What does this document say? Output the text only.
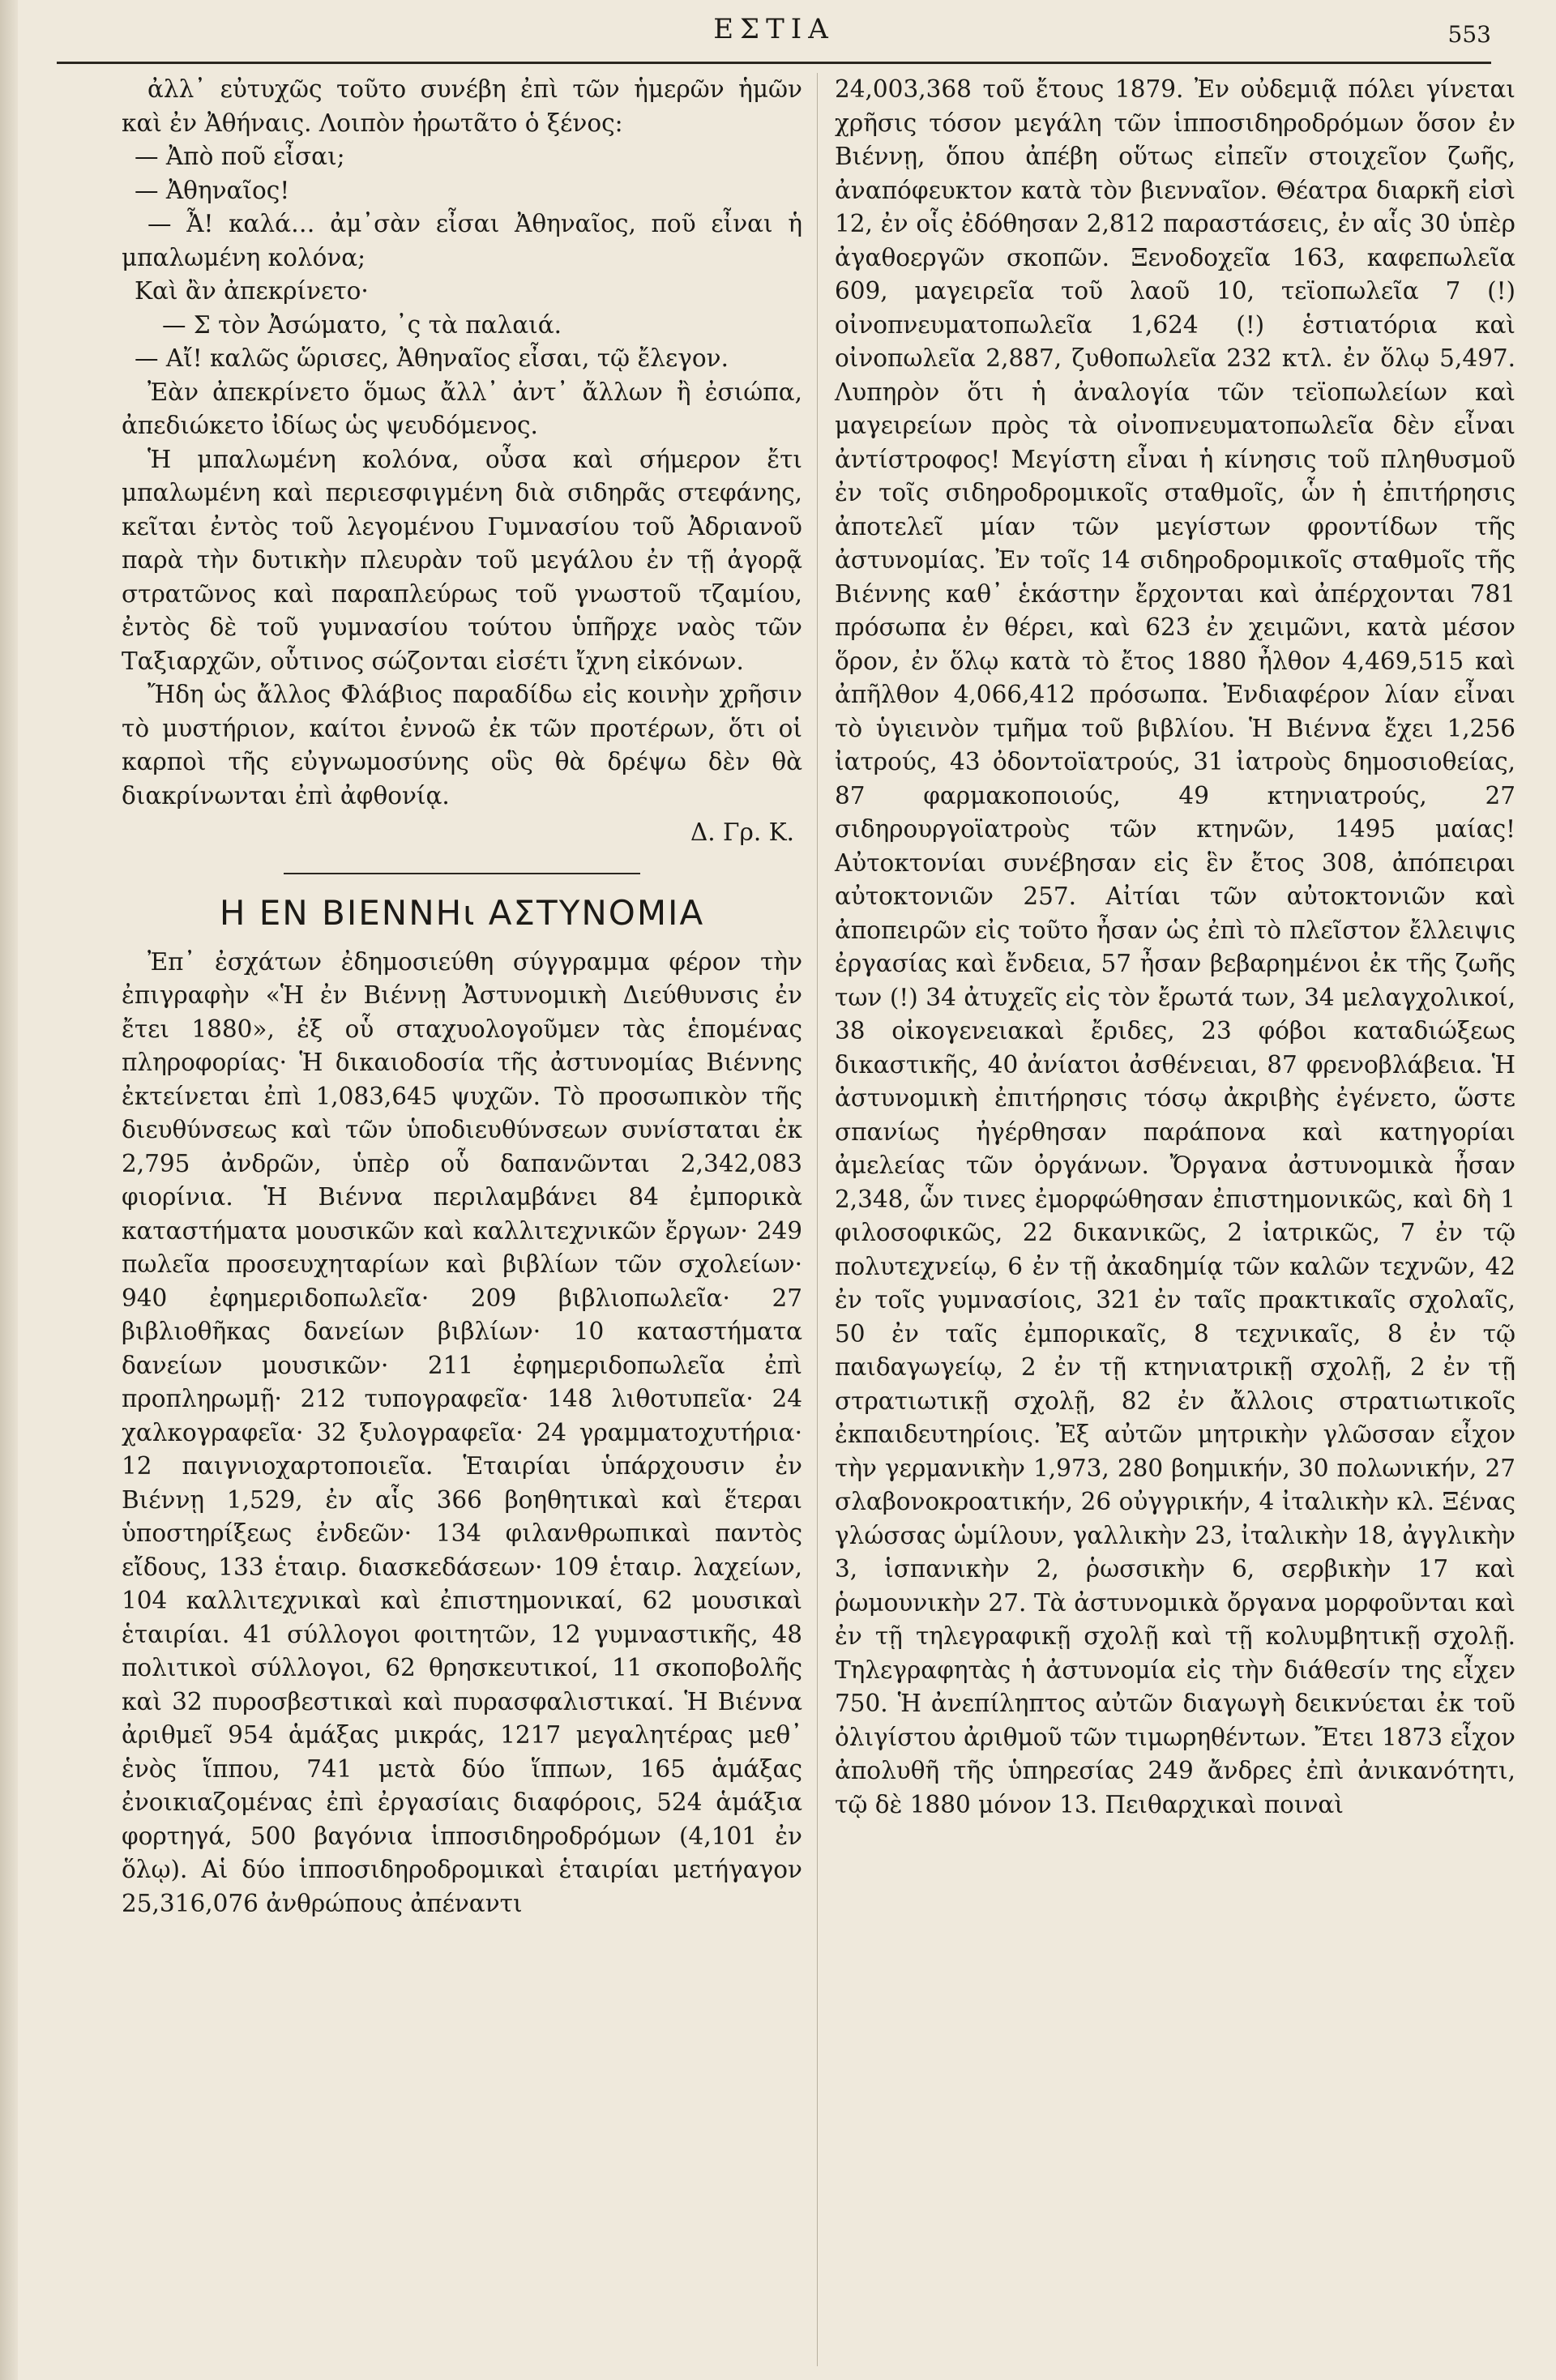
ΕΣΤΙΑ	553

ἀλλ᾽ εὐτυχῶς τοῦτο συνέβη ἐπὶ τῶν ἡμερῶν ἡμῶν καὶ ἐν Ἀθήναις. Λοιπὸν ἠρωτᾶτο ὁ ξένος:

— Ἀπὸ ποῦ εἶσαι;

— Ἀθηναῖος!

— Ἆ! καλά… ἀμ᾽σὰν εἶσαι Ἀθηναῖος, ποῦ εἶναι ἡ μπαλωμένη κολόνα;

Καὶ ἂν ἀπεκρίνετο·

— Σ τὸν Ἀσώματο, ᾽ς τὰ παλαιά.

— Αἴ! καλῶς ὥρισες, Ἀθηναῖος εἶσαι, τῷ ἔλεγον.

Ἐὰν ἀπεκρίνετο ὅμως ἄλλ᾽ ἀντ᾽ ἄλλων ἢ ἐσιώπα, ἀπεδιώκετο ἰδίως ὡς ψευδόμενος.

Ἡ μπαλωμένη κολόνα, οὖσα καὶ σήμερον ἔτι μπαλωμένη καὶ περιεσφιγμένη διὰ σιδηρᾶς στεφάνης, κεῖται ἐντὸς τοῦ λεγομένου Γυμνασίου τοῦ Ἀδριανοῦ παρὰ τὴν δυτικὴν πλευρὰν τοῦ μεγάλου ἐν τῇ ἀγορᾷ στρατῶνος καὶ παραπλεύρως τοῦ γνωστοῦ τζαμίου, ἐντὸς δὲ τοῦ γυμνασίου τούτου ὑπῆρχε ναὸς τῶν Ταξιαρχῶν, οὗτινος σώζονται εἰσέτι ἴχνη εἰκόνων.

Ἤδη ὡς ἄλλος Φλάβιος παραδίδω εἰς κοινὴν χρῆσιν τὸ μυστήριον, καίτοι ἐννοῶ ἐκ τῶν προτέρων, ὅτι οἱ καρποὶ τῆς εὐγνωμοσύνης οὓς θὰ δρέψω δὲν θὰ διακρίνωνται ἐπὶ ἀφθονίᾳ.

Δ. Γρ. Κ.

Η ΕΝ ΒΙΕΝΝΗι ΑΣΤΥΝΟΜΙΑ

Ἐπ᾽ ἐσχάτων ἐδημοσιεύθη σύγγραμμα φέρον τὴν ἐπιγραφὴν «Ἡ ἐν Βιέννῃ Ἀστυνομικὴ Διεύθυνσις ἐν ἔτει 1880», ἐξ οὗ σταχυολογοῦμεν τὰς ἑπομένας πληροφορίας· Ἡ δικαιοδοσία τῆς ἀστυνομίας Βιέννης ἐκτείνεται ἐπὶ 1,083,645 ψυχῶν. Τὸ προσωπικὸν τῆς διευθύνσεως καὶ τῶν ὑποδιευθύνσεων συνίσταται ἐκ 2,795 ἀνδρῶν, ὑπὲρ οὗ δαπανῶνται 2,342,083 φιορίνια. Ἡ Βιέννα περιλαμβάνει 84 ἐμπορικὰ καταστήματα μουσικῶν καὶ καλλιτεχνικῶν ἔργων· 249 πωλεῖα προσευχηταρίων καὶ βιβλίων τῶν σχολείων· 940 ἐφημεριδοπωλεῖα· 209 βιβλιοπωλεῖα· 27 βιβλιοθῆκας δανείων βιβλίων· 10 καταστήματα δανείων μουσικῶν· 211 ἐφημεριδοπωλεῖα ἐπὶ προπληρωμῇ· 212 τυπογραφεῖα· 148 λιθοτυπεῖα· 24 χαλκογραφεῖα· 32 ξυλογραφεῖα· 24 γραμματοχυτήρια· 12 παιγνιοχαρτοποιεῖα. Ἑταιρίαι ὑπάρχουσιν ἐν Βιέννῃ 1,529, ἐν αἷς 366 βοηθητικαὶ καὶ ἕτεραι ὑποστηρίξεως ἐνδεῶν· 134 φιλανθρωπικαὶ παντὸς εἴδους, 133 ἑταιρ. διασκεδάσεων· 109 ἑταιρ. λαχείων, 104 καλλιτεχνικαὶ καὶ ἐπιστημονικαί, 62 μουσικαὶ ἑταιρίαι. 41 σύλλογοι φοιτητῶν, 12 γυμναστικῆς, 48 πολιτικοὶ σύλλογοι, 62 θρησκευτικοί, 11 σκοποβολῆς καὶ 32 πυροσβεστικαὶ καὶ πυρασφαλιστικαί. Ἡ Βιέννα ἀριθμεῖ 954 ἁμάξας μικράς, 1217 μεγαλητέρας μεθ᾽ ἑνὸς ἵππου, 741 μετὰ δύο ἵππων, 165 ἁμάξας ἐνοικιαζομένας ἐπὶ ἐργασίαις διαφόροις, 524 ἁμάξια φορτηγά, 500 βαγόνια ἱπποσιδηροδρόμων (4,101 ἐν ὅλῳ). Αἱ δύο ἱπποσιδηροδρομικαὶ ἑταιρίαι μετήγαγον 25,316,076 ἀνθρώπους ἀπέναντι

24,003,368 τοῦ ἔτους 1879. Ἐν οὐδεμιᾷ πόλει γίνεται χρῆσις τόσον μεγάλη τῶν ἱπποσιδηροδρόμων ὅσον ἐν Βιέννῃ, ὅπου ἀπέβη οὕτως εἰπεῖν στοιχεῖον ζωῆς, ἀναπόφευκτον κατὰ τὸν βιενναῖον. Θέατρα διαρκῆ εἰσὶ 12, ἐν οἷς ἐδόθησαν 2,812 παραστάσεις, ἐν αἷς 30 ὑπὲρ ἀγαθοεργῶν σκοπῶν. Ξενοδοχεῖα 163, καφεπωλεῖα 609, μαγειρεῖα τοῦ λαοῦ 10, τεϊοπωλεῖα 7 (!) οἰνοπνευματοπωλεῖα 1,624 (!) ἑστιατόρια καὶ οἰνοπωλεῖα 2,887, ζυθοπωλεῖα 232 κτλ. ἐν ὅλῳ 5,497. Λυπηρὸν ὅτι ἡ ἀναλογία τῶν τεϊοπωλείων καὶ μαγειρείων πρὸς τὰ οἰνοπνευματοπωλεῖα δὲν εἶναι ἀντίστροφος! Μεγίστη εἶναι ἡ κίνησις τοῦ πληθυσμοῦ ἐν τοῖς σιδηροδρομικοῖς σταθμοῖς, ὧν ἡ ἐπιτήρησις ἀποτελεῖ μίαν τῶν μεγίστων φροντίδων τῆς ἀστυνομίας. Ἐν τοῖς 14 σιδηροδρομικοῖς σταθμοῖς τῆς Βιέννης καθ᾽ ἑκάστην ἔρχονται καὶ ἀπέρχονται 781 πρόσωπα ἐν θέρει, καὶ 623 ἐν χειμῶνι, κατὰ μέσον ὅρον, ἐν ὅλῳ κατὰ τὸ ἔτος 1880 ἦλθον 4,469,515 καὶ ἀπῆλθον 4,066,412 πρόσωπα. Ἐνδιαφέρον λίαν εἶναι τὸ ὑγιεινὸν τμῆμα τοῦ βιβλίου. Ἡ Βιέννα ἔχει 1,256 ἰατρούς, 43 ὀδοντοϊατρούς, 31 ἰατροὺς δημοσιοθείας, 87 φαρμακοποιούς, 49 κτηνιατρούς, 27 σιδηρουργοϊατροὺς τῶν κτηνῶν, 1495 μαίας! Αὐτοκτονίαι συνέβησαν εἰς ἓν ἔτος 308, ἀπόπειραι αὐτοκτονιῶν 257. Αἰτίαι τῶν αὐτοκτονιῶν καὶ ἀποπειρῶν εἰς τοῦτο ἦσαν ὡς ἐπὶ τὸ πλεῖστον ἔλλειψις ἐργασίας καὶ ἔνδεια, 57 ἦσαν βεβαρημένοι ἐκ τῆς ζωῆς των (!) 34 ἀτυχεῖς εἰς τὸν ἔρωτά των, 34 μελαγχολικοί, 38 οἰκογενειακαὶ ἔριδες, 23 φόβοι καταδιώξεως δικαστικῆς, 40 ἀνίατοι ἀσθένειαι, 87 φρενοβλάβεια. Ἡ ἀστυνομικὴ ἐπιτήρησις τόσῳ ἀκριβὴς ἐγένετο, ὥστε σπανίως ἠγέρθησαν παράπονα καὶ κατηγορίαι ἀμελείας τῶν ὀργάνων. Ὄργανα ἀστυνομικὰ ἦσαν 2,348, ὧν τινες ἐμορφώθησαν ἐπιστημονικῶς, καὶ δὴ 1 φιλοσοφικῶς, 22 δικανικῶς, 2 ἰατρικῶς, 7 ἐν τῷ πολυτεχνείῳ, 6 ἐν τῇ ἀκαδημίᾳ τῶν καλῶν τεχνῶν, 42 ἐν τοῖς γυμνασίοις, 321 ἐν ταῖς πρακτικαῖς σχολαῖς, 50 ἐν ταῖς ἐμπορικαῖς, 8 τεχνικαῖς, 8 ἐν τῷ παιδαγωγείῳ, 2 ἐν τῇ κτηνιατρικῇ σχολῇ, 2 ἐν τῇ στρατιωτικῇ σχολῇ, 82 ἐν ἄλλοις στρατιωτικοῖς ἐκπαιδευτηρίοις. Ἐξ αὐτῶν μητρικὴν γλῶσσαν εἶχον τὴν γερμανικὴν 1,973, 280 βοημικήν, 30 πολωνικήν, 27 σλαβονοκροατικήν, 26 οὐγγρικήν, 4 ἰταλικὴν κλ. Ξένας γλώσσας ὡμίλουν, γαλλικὴν 23, ἰταλικὴν 18, ἀγγλικὴν 3, ἱσπανικὴν 2, ῥωσσικὴν 6, σερβικὴν 17 καὶ ῥωμουνικὴν 27. Τὰ ἀστυνομικὰ ὄργανα μορφοῦνται καὶ ἐν τῇ τηλεγραφικῇ σχολῇ καὶ τῇ κολυμβητικῇ σχολῇ. Τηλεγραφητὰς ἡ ἀστυνομία εἰς τὴν διάθεσίν της εἶχεν 750. Ἡ ἀνεπίληπτος αὐτῶν διαγωγὴ δεικνύεται ἐκ τοῦ ὀλιγίστου ἀριθμοῦ τῶν τιμωρηθέντων. Ἔτει 1873 εἶχον ἀπολυθῆ τῆς ὑπηρεσίας 249 ἄνδρες ἐπὶ ἀνικανότητι, τῷ δὲ 1880 μόνον 13. Πειθαρχικαὶ ποιναὶ
